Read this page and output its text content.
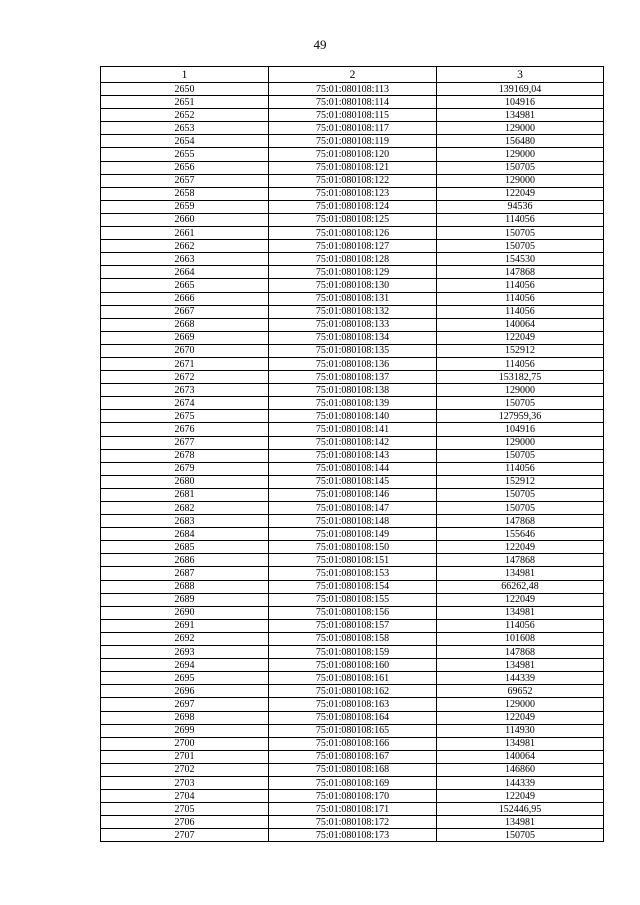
49
1	2	3
2650	75:01:080108:113	139169,04
2651	75:01:080108:114	104916
2652	75:01:080108:115	134981
2653	75:01:080108:117	129000
2654	75:01:080108:119	156480
2655	75:01:080108:120	129000
2656	75:01:080108:121	150705
2657	75:01:080108:122	129000
2658	75:01:080108:123	122049
2659	75:01:080108:124	94536
2660	75:01:080108:125	114056
2661	75:01:080108:126	150705
2662	75:01:080108:127	150705
2663	75:01:080108:128	154530
2664	75:01:080108:129	147868
2665	75:01:080108:130	114056
2666	75:01:080108:131	114056
2667	75:01:080108:132	114056
2668	75:01:080108:133	140064
2669	75:01:080108:134	122049
2670	75:01:080108:135	152912
2671	75:01:080108:136	114056
2672	75:01:080108:137	153182,75
2673	75:01:080108:138	129000
2674	75:01:080108:139	150705
2675	75:01:080108:140	127959,36
2676	75:01:080108:141	104916
2677	75:01:080108:142	129000
2678	75:01:080108:143	150705
2679	75:01:080108:144	114056
2680	75:01:080108:145	152912
2681	75:01:080108:146	150705
2682	75:01:080108:147	150705
2683	75:01:080108:148	147868
2684	75:01:080108:149	155646
2685	75:01:080108:150	122049
2686	75:01:080108:151	147868
2687	75:01:080108:153	134981
2688	75:01:080108:154	66262,48
2689	75:01:080108:155	122049
2690	75:01:080108:156	134981
2691	75:01:080108:157	114056
2692	75:01:080108:158	101608
2693	75:01:080108:159	147868
2694	75:01:080108:160	134981
2695	75:01:080108:161	144339
2696	75:01:080108:162	69652
2697	75:01:080108:163	129000
2698	75:01:080108:164	122049
2699	75:01:080108:165	114930
2700	75:01:080108:166	134981
2701	75:01:080108:167	140064
2702	75:01:080108:168	146860
2703	75:01:080108:169	144339
2704	75:01:080108:170	122049
2705	75:01:080108:171	152446,95
2706	75:01:080108:172	134981
2707	75:01:080108:173	150705
